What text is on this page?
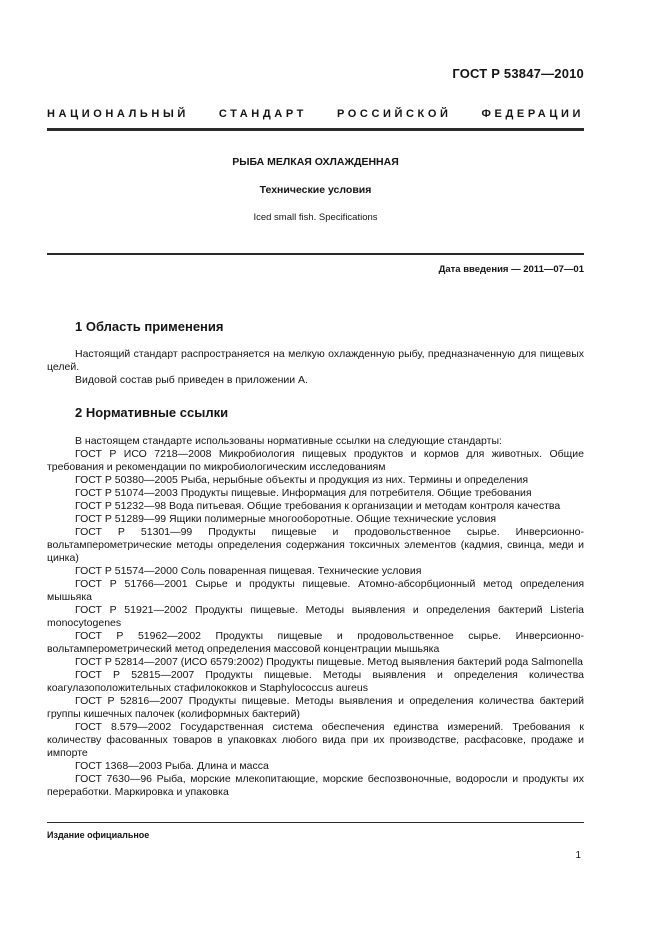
ГОСТ Р 53847—2010
НАЦИОНАЛЬНЫЙ СТАНДАРТ РОССИЙСКОЙ ФЕДЕРАЦИИ
РЫБА МЕЛКАЯ ОХЛАЖДЕННАЯ
Технические условия
Iced small fish. Specifications
Дата введения — 2011—07—01
1 Область применения

Настоящий стандарт распространяется на мелкую охлажденную рыбу, предназначенную для пищевых целей.

Видовой состав рыб приведен в приложении А.

2 Нормативные ссылки

В настоящем стандарте использованы нормативные ссылки на следующие стандарты:

ГОСТ Р ИСО 7218—2008 Микробиология пищевых продуктов и кормов для животных. Общие требования и рекомендации по микробиологическим исследованиям

ГОСТ Р 50380—2005 Рыба, нерыбные объекты и продукция из них. Термины и определения

ГОСТ Р 51074—2003 Продукты пищевые. Информация для потребителя. Общие требования

ГОСТ Р 51232—98 Вода питьевая. Общие требования к организации и методам контроля качества

ГОСТ Р 51289—99 Ящики полимерные многооборотные. Общие технические условия

ГОСТ Р 51301—99 Продукты пищевые и продовольственное сырье. Инверсионно-вольтамперометрические методы определения содержания токсичных элементов (кадмия, свинца, меди и цинка)

ГОСТ Р 51574—2000 Соль поваренная пищевая. Технические условия

ГОСТ Р 51766—2001 Сырье и продукты пищевые. Атомно-абсорбционный метод определения мышьяка

ГОСТ Р 51921—2002 Продукты пищевые. Методы выявления и определения бактерий Listeria monocytogenes

ГОСТ Р 51962—2002 Продукты пищевые и продовольственное сырье. Инверсионно-вольтамперометрический метод определения массовой концентрации мышьяка

ГОСТ Р 52814—2007 (ИСО 6579:2002) Продукты пищевые. Метод выявления бактерий рода Salmonella

ГОСТ Р 52815—2007 Продукты пищевые. Методы выявления и определения количества коагулазоположительных стафилококков и Staphylococcus aureus

ГОСТ Р 52816—2007 Продукты пищевые. Методы выявления и определения количества бактерий группы кишечных палочек (колиформных бактерий)

ГОСТ 8.579—2002 Государственная система обеспечения единства измерений. Требования к количеству фасованных товаров в упаковках любого вида при их производстве, расфасовке, продаже и импорте

ГОСТ 1368—2003 Рыба. Длина и масса

ГОСТ 7630—96 Рыба, морские млекопитающие, морские беспозвоночные, водоросли и продукты их переработки. Маркировка и упаковка

Издание официальное
1
